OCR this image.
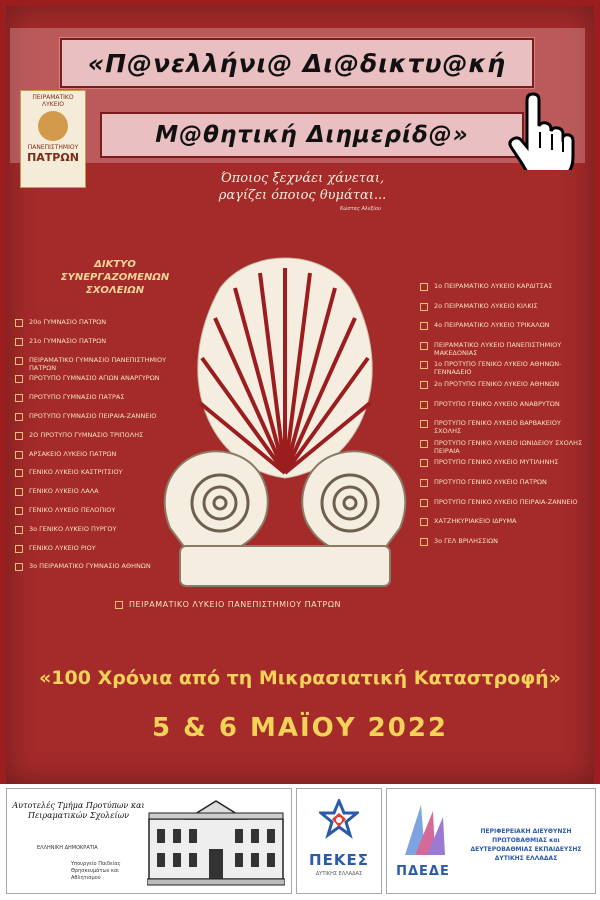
«Π@νελλήνι@ Δι@δικτυ@κή
Μ@θητική Διημερίδ@»
ΠΕΙΡΑΜΑΤΙΚΟ ΛΥΚΕΙΟ
ΠΑΝΕΠΙΣΤΗΜΙΟΥ
ΠΑΤΡΩΝ
Όποιος ξεχνάει χάνεται,
ραγίζει όποιος θυμάται...
Κώστας Αλεξίου
ΔΙΚΤΥΟ
ΣΥΝΕΡΓΑΖΟΜΕΝΩΝ
ΣΧΟΛΕΙΩΝ
20ο ΓΥΜΝΑΣΙΟ ΠΑΤΡΩΝ
21ο ΓΥΜΝΑΣΙΟ ΠΑΤΡΩΝ
ΠΕΙΡΑΜΑΤΙΚΟ ΓΥΜΝΑΣΙΟ ΠΑΝΕΠΙΣΤΗΜΙΟΥ ΠΑΤΡΩΝ
ΠΡΟΤΥΠΟ ΓΥΜΝΑΣΙΟ ΑΓΙΩΝ ΑΝΑΡΓΥΡΩΝ
ΠΡΟΤΥΠΟ ΓΥΜΝΑΣΙΟ ΠΑΤΡΑΣ
ΠΡΟΤΥΠΟ ΓΥΜΝΑΣΙΟ ΠΕΙΡΑΙΑ-ΖΑΝΝΕΙΟ
2Ο ΠΡΟΤΥΠΟ ΓΥΜΝΑΣΙΟ ΤΡΙΠΟΛΗΣ
ΑΡΣΑΚΕΙΟ ΛΥΚΕΙΟ ΠΑΤΡΩΝ
ΓΕΝΙΚΟ ΛΥΚΕΙΟ ΚΑΣΤΡΙΤΣΙΟΥ
ΓΕΝΙΚΟ ΛΥΚΕΙΟ ΛΑΛΑ
ΓΕΝΙΚΟ ΛΥΚΕΙΟ ΠΕΛΟΠΙΟΥ
3ο ΓΕΝΙΚΟ ΛΥΚΕΙΟ ΠΥΡΓΟΥ
ΓΕΝΙΚΟ ΛΥΚΕΙΟ ΡΙΟΥ
3ο ΠΕΙΡΑΜΑΤΙΚΟ ΓΥΜΝΑΣΙΟ ΑΘΗΝΩΝ
1ο ΠΕΙΡΑΜΑΤΙΚΟ ΛΥΚΕΙΟ ΚΑΡΔΙΤΣΑΣ
2ο ΠΕΙΡΑΜΑΤΙΚΟ ΛΥΚΕΙΟ ΚΙΛΚΙΣ
4ο ΠΕΙΡΑΜΑΤΙΚΟ ΛΥΚΕΙΟ ΤΡΙΚΑΛΩΝ
ΠΕΙΡΑΜΑΤΙΚΟ ΛΥΚΕΙΟ ΠΑΝΕΠΙΣΤΗΜΙΟΥ ΜΑΚΕΔΟΝΙΑΣ
1ο ΠΡΟΤΥΠΟ ΓΕΝΙΚΟ ΛΥΚΕΙΟ ΑΘΗΝΩΝ-ΓΕΝΝΑΔΕΙΟ
2ο ΠΡΟΤΥΠΟ ΓΕΝΙΚΟ ΛΥΚΕΙΟ ΑΘΗΝΩΝ
ΠΡΟΤΥΠΟ ΓΕΝΙΚΟ ΛΥΚΕΙΟ ΑΝΑΒΡΥΤΩΝ
ΠΡΟΤΥΠΟ ΓΕΝΙΚΟ ΛΥΚΕΙΟ ΒΑΡΒΑΚΕΙΟΥ ΣΧΟΛΗΣ
ΠΡΟΤΥΠΟ ΓΕΝΙΚΟ ΛΥΚΕΙΟ ΙΩΝΙΔΕΙΟΥ ΣΧΟΛΗΣ ΠΕΙΡΑΙΑ
ΠΡΟΤΥΠΟ ΓΕΝΙΚΟ ΛΥΚΕΙΟ ΜΥΤΙΛΗΝΗΣ
ΠΡΟΤΥΠΟ ΓΕΝΙΚΟ ΛΥΚΕΙΟ ΠΑΤΡΩΝ
ΠΡΟΤΥΠΟ ΓΕΝΙΚΟ ΛΥΚΕΙΟ ΠΕΙΡΑΙΑ-ΖΑΝΝΕΙΟ
ΧΑΤΖΗΚΥΡΙΑΚΕΙΟ ΙΔΡΥΜΑ
3ο ΓΕΛ ΒΡΙΛΗΣΣΙΩΝ
ΠΕΙΡΑΜΑΤΙΚΟ ΛΥΚΕΙΟ ΠΑΝΕΠΙΣΤΗΜΙΟΥ ΠΑΤΡΩΝ
«100 Χρόνια από τη Μικρασιατική Καταστροφή»
5 & 6 ΜΑΪΟΥ 2022
Αυτοτελές Τμήμα Προτύπων και Πειραματικών Σχολείων
ΕΛΛΗΝΙΚΗ ΔΗΜΟΚΡΑΤΙΑ
Υπουργείο Παιδείας Θρησκευμάτων και Αθλητισμού
ΠΕΚΕΣ
ΔΥΤΙΚΗΣ ΕΛΛΑΔΑΣ	ΠΔΕΔΕ
ΠΕΡΙΦΕΡΕΙΑΚΗ ΔΙΕΥΘΥΝΣΗ ΠΡΩΤΟΒΑΘΜΙΑΣ και ΔΕΥΤΕΡΟΒΑΘΜΙΑΣ ΕΚΠΑΙΔΕΥΣΗΣ ΔΥΤΙΚΗΣ ΕΛΛΑΔΑΣ
